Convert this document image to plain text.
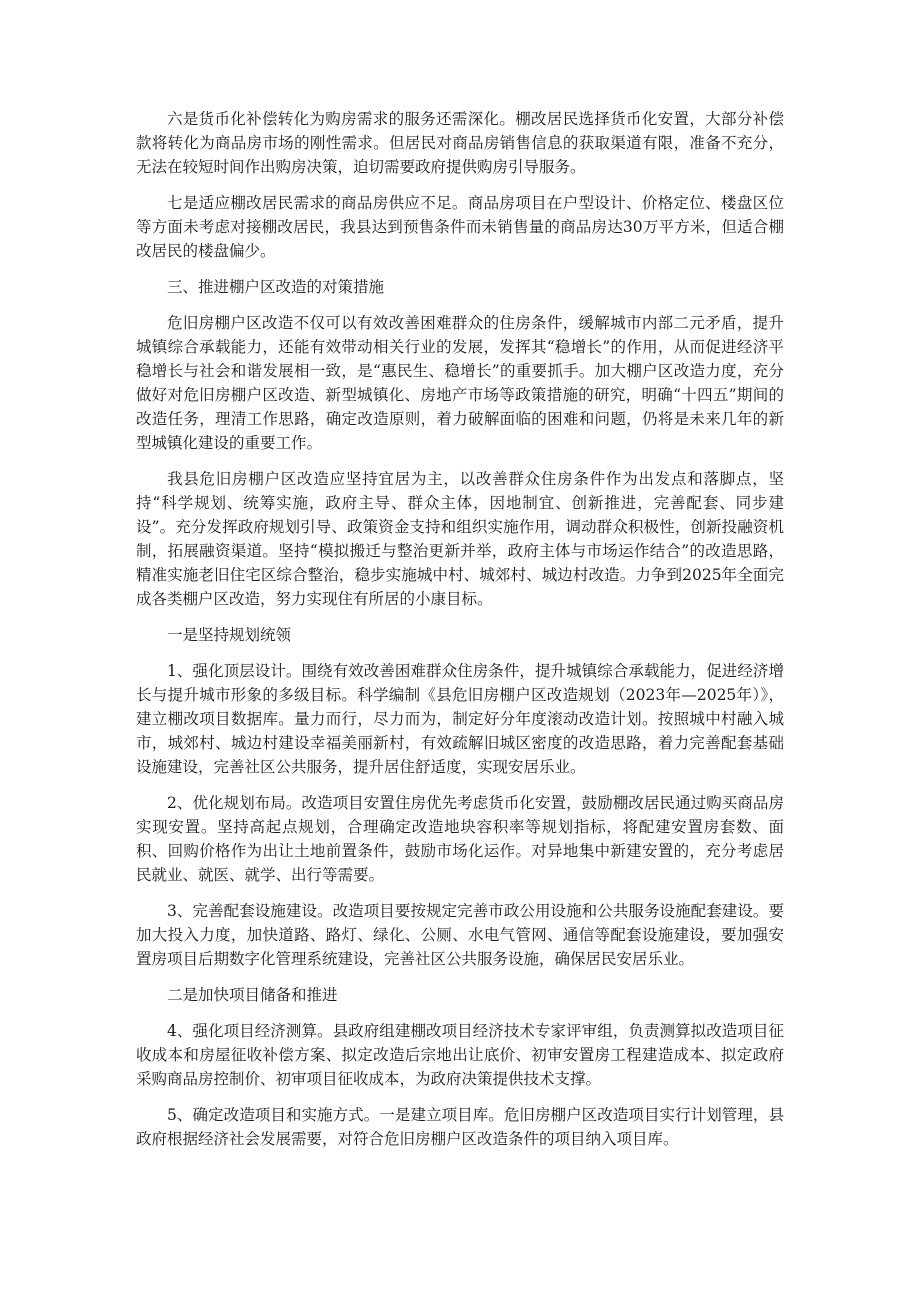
六是货币化补偿转化为购房需求的服务还需深化。棚改居民选择货币化安置，大部分补偿款将转化为商品房市场的刚性需求。但居民对商品房销售信息的获取渠道有限，准备不充分，无法在较短时间作出购房决策，迫切需要政府提供购房引导服务。

七是适应棚改居民需求的商品房供应不足。商品房项目在户型设计、价格定位、楼盘区位等方面未考虑对接棚改居民，我县达到预售条件而未销售量的商品房达30万平方米，但适合棚改居民的楼盘偏少。

三、推进棚户区改造的对策措施

危旧房棚户区改造不仅可以有效改善困难群众的住房条件，缓解城市内部二元矛盾，提升城镇综合承载能力，还能有效带动相关行业的发展，发挥其“稳增长”的作用，从而促进经济平稳增长与社会和谐发展相一致，是“惠民生、稳增长”的重要抓手。加大棚户区改造力度，充分做好对危旧房棚户区改造、新型城镇化、房地产市场等政策措施的研究，明确“十四五”期间的改造任务，理清工作思路，确定改造原则，着力破解面临的困难和问题，仍将是未来几年的新型城镇化建设的重要工作。

我县危旧房棚户区改造应坚持宜居为主，以改善群众住房条件作为出发点和落脚点，坚持“科学规划、统筹实施，政府主导、群众主体，因地制宜、创新推进，完善配套、同步建设”。充分发挥政府规划引导、政策资金支持和组织实施作用，调动群众积极性，创新投融资机制，拓展融资渠道。坚持“模拟搬迁与整治更新并举，政府主体与市场运作结合”的改造思路，精准实施老旧住宅区综合整治，稳步实施城中村、城郊村、城边村改造。力争到2025年全面完成各类棚户区改造，努力实现住有所居的小康目标。

一是坚持规划统领

1、强化顶层设计。围绕有效改善困难群众住房条件，提升城镇综合承载能力，促进经济增长与提升城市形象的多级目标。科学编制《县危旧房棚户区改造规划（2023年—2025年）》，建立棚改项目数据库。量力而行，尽力而为，制定好分年度滚动改造计划。按照城中村融入城市，城郊村、城边村建设幸福美丽新村，有效疏解旧城区密度的改造思路，着力完善配套基础设施建设，完善社区公共服务，提升居住舒适度，实现安居乐业。

2、优化规划布局。改造项目安置住房优先考虑货币化安置，鼓励棚改居民通过购买商品房实现安置。坚持高起点规划，合理确定改造地块容积率等规划指标，将配建安置房套数、面积、回购价格作为出让土地前置条件，鼓励市场化运作。对异地集中新建安置的，充分考虑居民就业、就医、就学、出行等需要。

3、完善配套设施建设。改造项目要按规定完善市政公用设施和公共服务设施配套建设。要加大投入力度，加快道路、路灯、绿化、公厕、水电气管网、通信等配套设施建设，要加强安置房项目后期数字化管理系统建设，完善社区公共服务设施，确保居民安居乐业。

二是加快项目储备和推进

4、强化项目经济测算。县政府组建棚改项目经济技术专家评审组，负责测算拟改造项目征收成本和房屋征收补偿方案、拟定改造后宗地出让底价、初审安置房工程建造成本、拟定政府采购商品房控制价、初审项目征收成本，为政府决策提供技术支撑。

5、确定改造项目和实施方式。一是建立项目库。危旧房棚户区改造项目实行计划管理，县政府根据经济社会发展需要，对符合危旧房棚户区改造条件的项目纳入项目库。
